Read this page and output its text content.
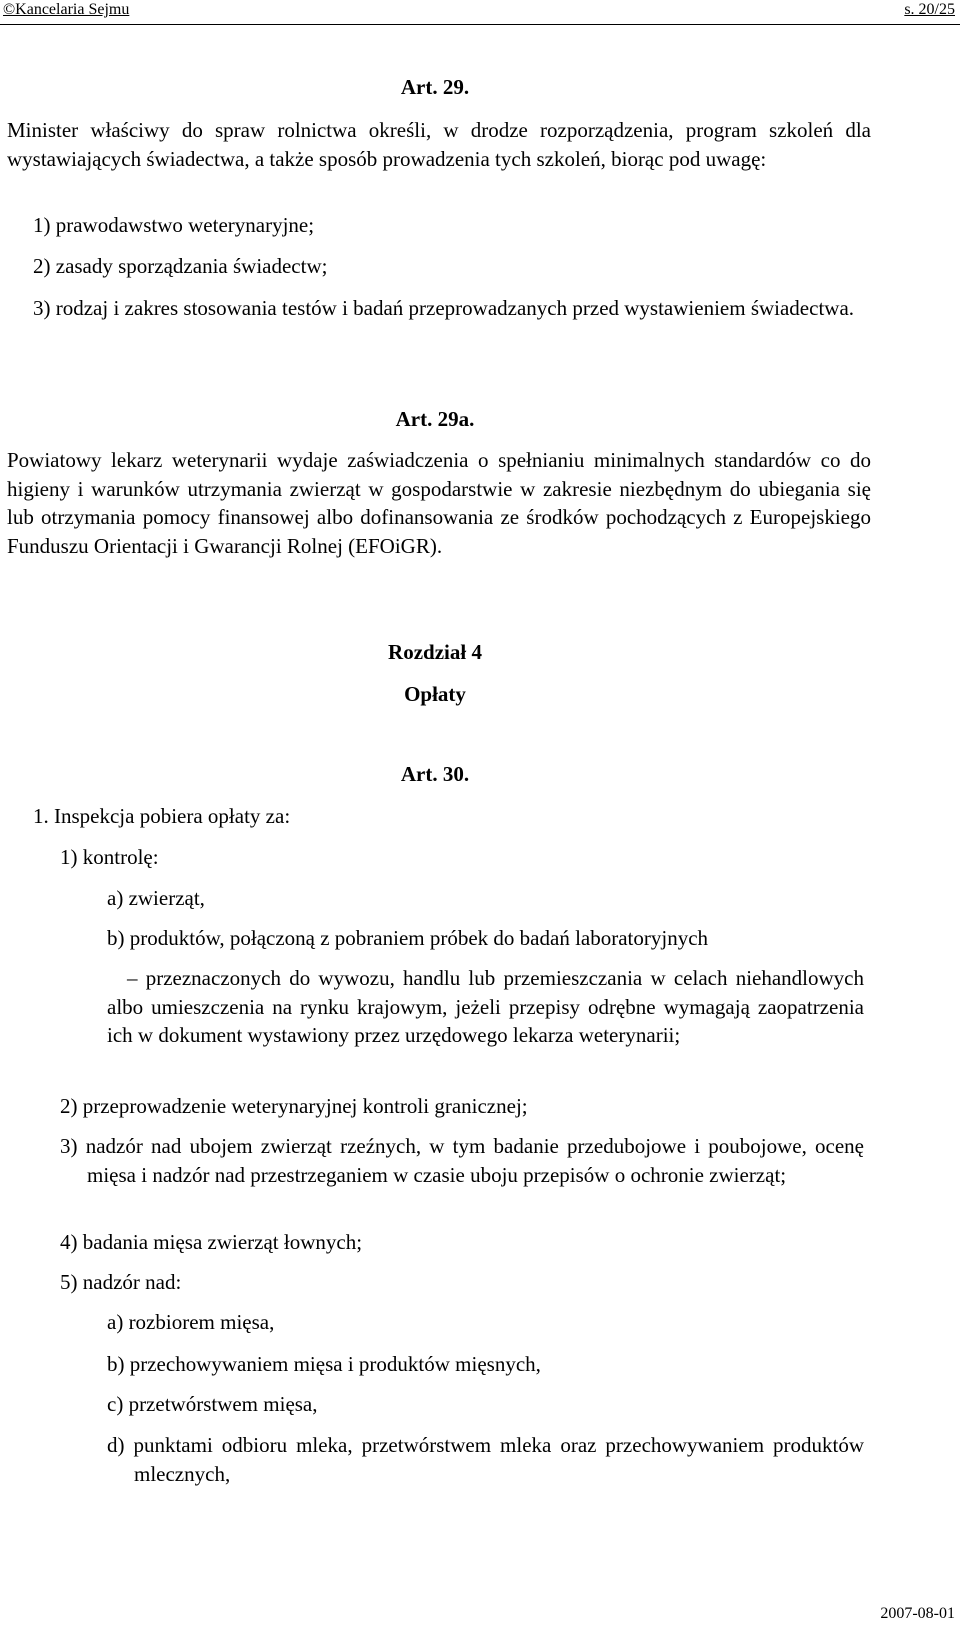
©Kancelaria Sejmu	s. 20/25
Art. 29.
Minister właściwy do spraw rolnictwa określi, w drodze rozporządzenia, program szkoleń dla wystawiających świadectwa, a także sposób prowadzenia tych szkoleń, biorąc pod uwagę:
1) prawodawstwo weterynaryjne;
2) zasady sporządzania świadectw;
3) rodzaj i zakres stosowania testów i badań przeprowadzanych przed wystawieniem świadectwa.
Art. 29a.
Powiatowy lekarz weterynarii wydaje zaświadczenia o spełnianiu minimalnych standardów co do higieny i warunków utrzymania zwierząt w gospodarstwie w zakresie niezbędnym do ubiegania się lub otrzymania pomocy finansowej albo dofinansowania ze środków pochodzących z Europejskiego Funduszu Orientacji i Gwarancji Rolnej (EFOiGR).
Rozdział 4
Opłaty
Art. 30.
1. Inspekcja pobiera opłaty za:
1) kontrolę:
a) zwierząt,
b) produktów, połączoną z pobraniem próbek do badań laboratoryjnych
– przeznaczonych do wywozu, handlu lub przemieszczania w celach niehandlowych albo umieszczenia na rynku krajowym, jeżeli przepisy odrębne wymagają zaopatrzenia ich w dokument wystawiony przez urzędowego lekarza weterynarii;
2) przeprowadzenie weterynaryjnej kontroli granicznej;
3) nadzór nad ubojem zwierząt rzeźnych, w tym badanie przedubojowe i poubojowe, ocenę mięsa i nadzór nad przestrzeganiem w czasie uboju przepisów o ochronie zwierząt;
4) badania mięsa zwierząt łownych;
5) nadzór nad:
a) rozbiorem mięsa,
b) przechowywaniem mięsa i produktów mięsnych,
c) przetwórstwem mięsa,
d) punktami odbioru mleka, przetwórstwem mleka oraz przechowywaniem produktów mlecznych,
2007-08-01
